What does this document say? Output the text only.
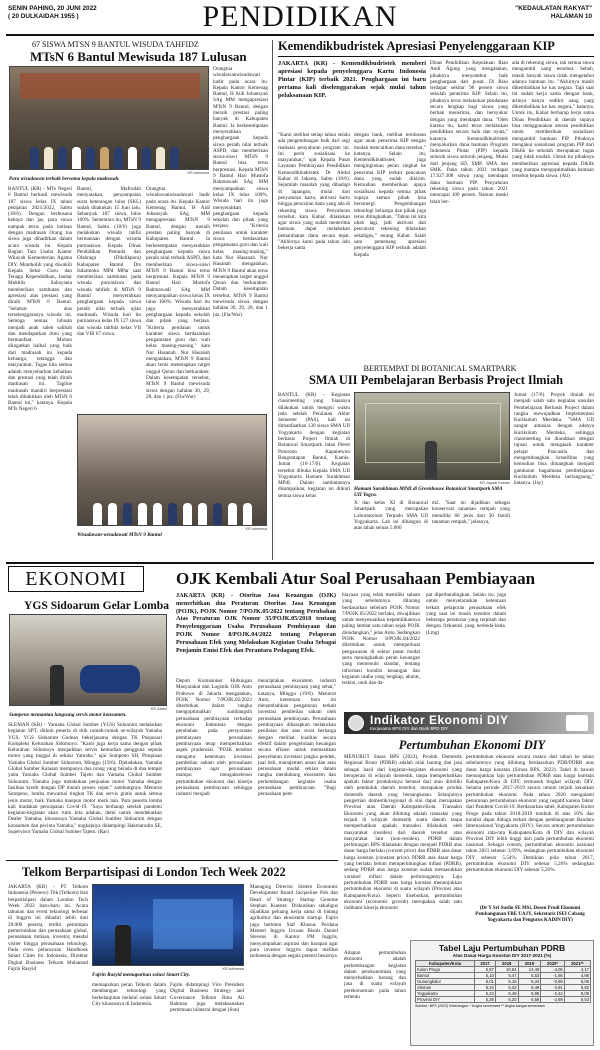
SENIN PAHING, 20 JUNI 2022
( 20 DULKAIDAH 1955 )	PENDIDIKAN	"KEDAULATAN RAKYAT"
HALAMAN 10
67 SISWA MTSN 9 BANTUL WISUDA TAHFIDZ
MTsN 6 Bantul Mewisuda 187 Lulusan
KR-Istimewa
Para wisudawan terbaik bersama kepala madrasah.
BANTUL (KR) - MTs Negeri 6 Bantul berhasil mewisuda 187 siswa kelas IX tahun pelajaran 2021/2022, Sabtu (18/6). Dengan berbusana kebaya dan jas, para siswa nampak terus pada barisan dengan madrasah Orang tua siswa juga dihadirkan dalam acara wisuda ini. Kepala Bagian Tata Usaha Kantor Wilayah Kementerian Agama DIY, Muntholib yang diwakili Kepala Seksi Guru dan Tenaga Kependidikan, Jauhar Mukhlis Salisyanta memberikan sambutan dan apresiasi atas prestasi yang diraih MTsN 6 Bantul. "Selamat atas terselenggaranya wisuda ini. Semoga semua lulusan menjadi anak saleh salihah dan mendapatkan ilmu yang bermanfaat. Mohon diingatkan halhal yang baik dari madrasah ini kepada keluarga, tetangga dan masyarakat. Tugas kita semua adalah menyebarkan kebaikan dan prestasi yang telah diraih madrasah ini. Tagline madrasah mandiri berprestasi telah dibuktikan oleh MTsN 6 Bantul ini," katanya. Kepala MTs Negeri 6
Bantul, Mafrudah menyatakan, penyampaian surat keterangan lulus (SKL) sudah dilakukan 15 Juni lalu. Sebanyak 187 siswa lulus 100%. Sementara itu, MTsN 9 Bantul, Sabtu (18/6) juga melakukan wisuda tahfiz bermanaan dengan wisuda purnasiswa. Kepala Dinas Pendidikan Pemuda dan Olahraga (Dikdikpora) Kabupaten Bantul Drs Isdarmoko MPd MPar saat memberikan sambutan pada wisuda purnasiswa dan wisuda tahfidz di MTsN 9 Bantul menyerahkan penghargaan kepada siswa peraih nilai terbaik ujian madrasah. Wisuda hari itu purnasiswa kelas IX 127 siswa dan wisuda tahfidz kelas VII dan VIII 67 siswa.
Orangtua wisudawanwisudawati hadir pada acara itu. Kepala Kantor Kemenag Bantul, H Aidi Johansyah SAg MM mengapresiasi MTsN 9 Bantul, dengan meraih prestasi paling banyak di Kabupaten Bantul. Ia berkesempatan menyerahkan penghargaan kepada siswa peraih nilai terbaik ASPD, dan memberikan siswa-siswi MTsN 9 Bantul bisa terus berprestasi. Kepala MTsN 9 Bantul Hari Mustofa Rahmawadi SAg MM menyampaikan siswa kelas IX lulus 100%. Wisuda hari itu juga menyerahkan penghargaan kepada sekolah dan pihak yang berjasa. "Kriteria penilaian untuk karakter siswa berdasarkan pengamatan guru dan wali kelas masing-masing," kata Nur Hasanah. Nur Hasanah mengatakan, MTsN 9 Bantul akan terus menerapkan target unggul Quran dan berkarakter. Dalam kesempatan tersebut, MTsN 9 Bantul mewisuda siswa dengan hafalan 30, 29, 28, dan 1 juz. (Fia/War)
Orangtua wisudawanwisudawati hadir pada acara itu. Kepala Kantor Kemenag Bantul, H Aidi Johansyah SAg MM mengapresiasi MTsN 9 Bantul, dengan meraih prestasi paling banyak di Kabupaten Bantul. Ia berkesempatan menyerahkan penghargaan kepada siswa peraih nilai terbaik ASPD, dan memberikan siswa-siswi MTsN 9 Bantul bisa terus berprestasi. Kepala MTsN 9 Bantul Hari Mustofa Rahmawadi SAg MM menyampaikan siswa kelas IX lulus 100%. Wisuda hari itu juga menyerahkan penghargaan kepada sekolah dan pihak yang berjasa. "Kriteria penilaian untuk karakter siswa berdasarkan pengamatan guru dan wali kelas masing-masing," kata Nur Hasanah. Nur Hasanah mengatakan, MTsN 9 Bantul akan terus menerapkan target unggul Quran dan berkarakter. Dalam kesempatan tersebut, MTsN 9 Bantul mewisuda siswa dengan hafalan 30, 29, 28, dan 1 juz. (Fia/War)
KR-Istimewa
Wisudawan-wisudawati MTsN 9 Bantul
Kemendikbudristek Apresiasi Penyelenggaraan KIP
JAKARTA (KR) - Kemendikbudristek memberi apresiasi kepada penyelenggara Kartu Indonesia Pintar (KIP) terbaik 2021. Penghargaan ini baru pertama kali diselenggarakan sejak mulai tahun pelaksanaan KIP.
"Kami melihat setiap tahun selalu ada pengembangan baik dari segi realisasi penyaluran program ini. Ini perlu sosialisasi ke masyarakat," ujar Kepala Pusat Layanan Pembiayaan Pendidikan Kemendikbudristek Dr Abdul Kahar di Jakarta, Sabtu (18/6). Sejumlah masalah yang dihadapi di lapangan, mulai dari penyaluran kartu, aktivasi kartu hingga pencairan dana yang ada di rekening siswa. Penyaluran tersebut, kata Kahar, dilakukan agar siswa yang sudah menerima bantuan dapat melakukan pemanfaatan dana secara tepat. "Akhirnya kami pada tahun lalu bekerja sama
dengan bank, melihat terobosan agar anak penerima KIP dengan mudah mencairkan dana tersebut," katanya. Selain itu, Kemendikbudristek juga menginginkan peran singkat ke penerima KIP terkait pencairan dana yang sudah dikirim. Kemudian memberikan upaya sosialisasi kepada semua pihak supaya semua pihak bisa bersinergi. Pengembangan teknologi keluarga dan pihak juga terus ditingkatkan. "Tahun ini kita ubah lagi, jadi aktivasi dan pencairan rekening dilakukan sekaligus," terang Kahar. Salah satu pemenang apresiasi penyelenggara KIP terbaik adalah Kepala
Dinas Pendidikan Kepulauan Riau Andi Agung yang mengatakan, pihaknya menyambut baik penghargaan dari pusat. Di Riau terdapat sekitar 96 persen siswa sekolah penerima KIP. Selain itu, pihaknya terus melakukan pendataan secara lengkap bagi siswa yang berhak menerima, dan bersyukur dengan yang mendapat dana. "Oleh karena itu, kami terus melakukan pendidikan secara baik dan nyata," katanya. Kemendikbudristek menyalurkan dana bantuan Program Indonesia Pintar (PIP) kepada seluruh siswa seluruh jenjang. Mulai dari jenjang SD, SMP, SMA dan SMK. Pada tahun 2021 terdapat 17.927.308 siswa yang mendapat dana bantuan PIP. Penyaluran rekening siswa pada tahun 2021 mencapai 100 persen. Namun meski telah ber-
ada di rekening siswa, tak semua siswa mengambil uang tersebut. Sebab, masih banyak siswa tidak mengetahui adanya bantuan itu. "Akhirnya masih dikembalikan ke kas negara. Tapi saat ini sudah kerja sama dengan bank, artinya hanya sedikit uang yang dikembalikan ke kas negara," katanya. Untuk itu, Kahar berharap kerja sama Dinas Pendidikan di daerah supaya bisa menggunakan aturan pendidikan untuk memberikan sosialisasi mengambil bantuan PIP. Pihaknya mengakui sosialisasi program PIP dari Diklik ke sekolah merupakan tugas yang tidak mudah. Untuk itu pihaknya memberikan apresiasi kepada Diklik yang mampu mengoptimalkan bantuan tersebut kepada siswa. (Ati)
BERTEMPAT DI BOTANICAL SMARTPARK
SMA UII Pembelajaran Berbasis Project Ilmiah
BANTUL (KR) - Kegiatan classmeeting yang biasanya dilakukan untuk mengisi waktu jeda setelah Penilaian Akhir Semester (PAS), kali ini dimanfaatkan 130 siswa SMA UII Yogyakarta dengan kegiatan berbasis Project Ilmiah di Botanical Smartpark Jalan Pleret Potorono Kapanewon Banguntapan Bantul, Kamis-Jumat (16-17/6). Kegiatan tersebut dibuka Kepala SMA UII Yogyakarta Hamam Surakhman MPdI. Dalam sambutannya disampaikan, kegiatan ini diikuti semua siswa kelas
KR-Jayadi Kastari
Hamam Surakhman MPdI di Greenhouse Botanical Smartpark SMA UII Yogya.
X dan kelas XI di Botanical Smartpark yang merupakan Laboratorium Terpadu SMA UII Yogyakarta. Lab ini dibangun di atas lahan seluas 5.000
m2. "Saat ini dijadikan sebagai konservasi tanaman rempah yang memiliki 60 jenis dari 30 famili tanaman rempah," jelasnya,
Jumat (17/6). Proyek ilmiah ini menjadi salah satu kegiatan unsulan Pembelajaran Berbasis Project dalam rangka mewujudkan Implementasi Kurikulum Merdeka. "SMA UII sangat antusias dengan adanya Kurikulum Merdeka, sehingga classmeeting ini diarahkan dengan tujuan untuk mengasah karakter pelajar Pancasila dan mengembangkan kreatifitas yang kemudian bisa dituangkan menjadi gambaran bagaimana pembelajaran Kurikulum Merdeka berlangsung," katanya. (Jay)
EKONOMI
YGS Sidoarum Gelar Lomba
KR-Abdul
Sumpeno memantau langsung servis motor konsumen.
SLEMAN (KR) - Yamaha Global Sumber (YGS) Sidoarum melakukan kegiatan SPT, diikuti peserta di titik rumah-rumah se-wilayah Yamaha YGS, YGS Sidoarum Godean bekerjasama dengan TK Puspusari Kompleks Kelurahan Sidomoyo. "Kami juga kerja sama dengan pihak Kelurahan Sidomoyo menjadikan servis kemudian pengguna sepeda motor yang tinggal di sekitar Yamaha," ujar Sumpeno SH, Pimpinan Yamaha Global Sumber Sidoarum, Minggu (19/6). Djeladakan, Yamaha Global Sumber Kalasan mempunya dua orang yang berada di dua tempat yaitu Yamaha Global Sumber Tajem dan Yamaha Global Sumber Sidoarum. Yamaha juga melakukan penjualan motor Yamaha dengan fasilitas kredit dengan DP murah proses cepat," sambungnya. Menurut Sumpeno, lomba mewarnai tingkat TK dan servis gratis untuk semua jenis motor, baik Yamaha maupun motor merk lain. Para peserta lomba kali diadakan pencapaian Covid-19. "Saya berharap setelah pandemi kegiatan-kegiatan akan rutin kita adakan, demi untuk mendekatkan Dealer Yamaha, khususnya Yamaha Global Sumber Sidoarum dengan konsumen dan pecinta Yamaha," ungkapnya didampingi Hakmarudin SE, Supervisor Yamaha Global Sumber Tajem. (Rar)
OJK Kembali Atur Soal Perusahaan Pembiayaan
JAKARTA (KR) - Otoritas Jasa Keuangan (OJK) menerbitkan dua Peraturan Otoritas Jasa Keuangan (POJK), POJK Nomor 7/POJK.05/2022 tentang Perubahan Atas Peraturan OJK Nomor 35/POJK.05/2018 tentang Penyelenggaraan Usaha Perusahaan Pembiayaan dan POJK Nomor 8/POJK.04/2022 tentang Pelaporan Perusahaan Efek yang Melakukan Kegiatan Usaha Sebagai Penjamin Emisi Efek dan Perantara Pedagang Efek.
Deputi Komisioner Hubungan Masyarakat dan Logistik OJK Anto Prabowo di Jakarta mengatakan, POJK Nomor 7/POJK.05/2022 diterbitkan dalam rangka mengoptimalkan sumbangsih perusahaan pembiayaan terhadap ekonomi Indonesia dengan perubahan pada persyaratan pembiayaan perusahaan pembiayaan tetap memperhatikan aspek prudensial. "POJK tersebut mengatur ketentuan investasi pembelian saham oleh perusahaan pembiayaan agar perusahaan mampu mengakselerasi pertumbuhan ekonomi dan kinerja perusahaan pembiayaan sehingga industri menjadi
menciptakan ekosistem industri perusahaan pembiayaan yang sehat," katanya, Minggu (19/6). Menurut Anto, ketentuan baru ini menambahkan pengaturan terkait investasi pembelian saham oleh perusahaan pembiayaan. Perusahaan pembiayaan diharapkan melakukan penilaian dan atas surat berharga dengan melihat kualitas secara efektif dalam pengelolaan keuangan secara efisien untuk memastikan penyebaran investasi jangka pendek, jual beli, manajemen aman dan atau perusahaan modal sekian dalam rangka mendukung ekosistem dan perkembangan kegiatan usaha perusahaan pembiayaan. "Bagi perusahaan pem-
biayaan yang telah memiliki saham yang sebelumnya dilarang berdasarkan sebelum POJK Nomor 7/POJK.05/2022 berlaku, diwajibkan untuk menyesuaikan kepemilikannya paling lambat satu tahun sejak POJK diundangkan," jelas Anto. Sedangkan POJK Nomor 8/POJK.04/2022 diterbitkan untuk memperkuat pengawasan di sektor pasar modal serta meningkatkan peran keuangan yang memenuhi standar, tentang informasi kondisi keuangan dan kegiatan usaha yang lengkap, akurat, terkini, utuh dan da-
pat diperbandingkan. Selain itu, juga untuk menyelaraskan ketentuan terkait pelaporan perusahaan efek yang saat ini masih tersebar dalam beberapa peraturan yang terpisah dan dengan frekuensi yang berbeda-beda. (Lmg)
Indikator Ekonomi DIY
Kerjasama BPS DIY dan Bank BPD DIY
Pertumbuhan Ekonomi DIY
MENURUT Susas BPS (2022), Produk Domestik Regional Bruto (PDRB) adalah nilai barang dan jasa sebagai hasil dari kegiatan-kegiatan ekonomi yang beroperasi di wilayah domestik, tanpa memperhatikan apakah faktor produksinya berasal dari atau dimiliki oleh penduduk daerah tersebut, merupakan produk domestik daerah yang bersangkutan. Selanjutnya pengertian domestik/regional di sini dapat merupakan Provinsi atau Daerah Kabupaten/Kota. Transaksi Ekonomi yang akan dihitung adalah transaksi yang terjadi di wilayah domestik suatu daerah tanpa memperhatikan apakah transaksi dilakukan oleh masyarakat (residen) dari daerah tersebut atau masyarakat lain (non-residen). PDRB dalam perhitungan BPS dilakukan dengan menjadi PDRB atas dasar harga berlaku (current price) dan PDRB atas dasar harga konstan (constant price). PDRB atas dasar harga yang berlaku belum memperhitungkan inflasi (PDRB), sedang PDRB atas harga konstan sudah memasukkan variabel inflasi dalam perhitungannya. Laju pertumbuhan PDRB atas harga konstan menunjukkan pertumbuhan ekonomi di suatu wilayah (Provinsi atau Kabupaten/Kota). Seperti disebutkan, pertumbuhan ekonomi (economic growth) merupakan salah satu indikator kinerja ekonomi
pertumbuhan ekonomi secara makro dari tahun ke tahun sebelumnya yang dihitung berdasarkan PDB/PDRB atas dasar harga konstan (Sirusa BPS, 2022). Tabel di bawah menunjukkan laju pertumbuhan PDRB atas harga konstan Kabupaten/Kota di DIY, termasuk tingkat wilayah DIY. Selama periode 2017-2019 secara umum terjadi kenaikan pertumbuhan ekonomi. Pada tahun 2020 mengalami penurunan pertumbuhan ekonomi yang negatif karena faktor dari Pandemi Covid-19. Berdasarkan tabel, Kabupaten Kulon Progo pada tahun 2018-2019 tumbuh di atas 10% dan kondisi dapat diduga terkait dengan pembangunan Bandara Internasional Yogyakarta (BIY). Secara umum pertumbuhan ekonomi rata-rata Kabupaten/Kota di DIY dan wilayah Provinsi DIY lebih tinggi dari pada pertumbuhan ekonomi nasional. Sebagai contoh, pertumbuhan ekonomi nasional tahun 2021 sebesar 3,69%, sedangkan pertumbuhan ekonomi DIY sebesar 5,54%. Demikian pula tahun 2017, pertumbuhan ekonomi DIY sebesar 5,26% sedangkan pertumbuhan ekonomi DIY sebesar 5,26%.
(Dr Y Sri Susilo SE MSi. Dosen Prodi Ekonomi Pembangunan FBE UAJY, Sekretaris ISEI Cabang Yogyakarta dan Pengurus KADIN DIY)
Adapun pertumbuhan ekonomi adalah perkembangan kegiatan dalam perekonomian yang menyebabkan barang dan jasa di suatu wilayah perekonomian pada tahun tertentu
Tabel Laju Pertumbuhan PDRB
Atas Dasar Harga Konstan DIY 2017-2021 (%)
Kabupaten/Kota	2017	2018	2019	2020*	2021**
Kulon Progo	5,97	10,84	13,49	-4,06	4,17
Bantul	5,10	5,47	5,53	-1,66	4,98
Gunungkidul	5,01	5,16	5,34	-0,69	5,06
Sleman	5,34	6,42	6,49	-3,91	5,82
Yogyakarta	5,24	5,49	5,96	-2,42	5,09
Provinsi DIY	5,26	6,20	6,59	-2,69	5,53
Sumber: BPS (2022) Keterangan: * Angka sementara ** Angka sangat sementara
Telkom Berpartisipasi di London Tech Week 2022
JAKARTA (KR) - PT Telkom Indonesia (Persero) Tbk (Telkom) ikut berpartisipasi dalam London Tech Week 2022 baru-baru ini. Acara tahunan dan event teknologi terbesar di Inggris ini dihadiri lebih dari 20.000 peserta, terdiri pemimpin pemerintahan dan perusahaan global, perusahaan rintisan, investor, mendal visiter hingga perusahaan teknologi. Pada even peluncuran Handbook Smart Cities for Indonesia, Direktur Digital Business Telkom Muhamad Fajrin Rasyid	KR-Istimewa
Fajrin Rasyid memaparkan solusi Smart City.
memaparkan peran Telkom dalam membangun teknologi yang berkelanjutan melalui solusi Smart City khususnya di Indonesia.
Fajrin didampingi Vice President Digital Business Strategy and Governance Telkom Rino Ali Rahman juga melaksanakan pertemuan bilateral dengan (Sun)
Managing Director Sistem Economic Development Board Jacqueline Poh dan Head of Strategy Startup Genome Stephan Kuester. Diskusikan sekaligus dijadikan peluang kerja sama di bidang agrikultur dan ekosistem startup. Fajrin juga bertemu Staf Khusus Perdana Menteri Inggris Urusan Bisnis Daniel Stevens di Kantor PM Inggris, menyampaikan aspirasi dan harapan agar para investor Inggris dapat melihat Indonesia dengan segala potensi besarnya.
